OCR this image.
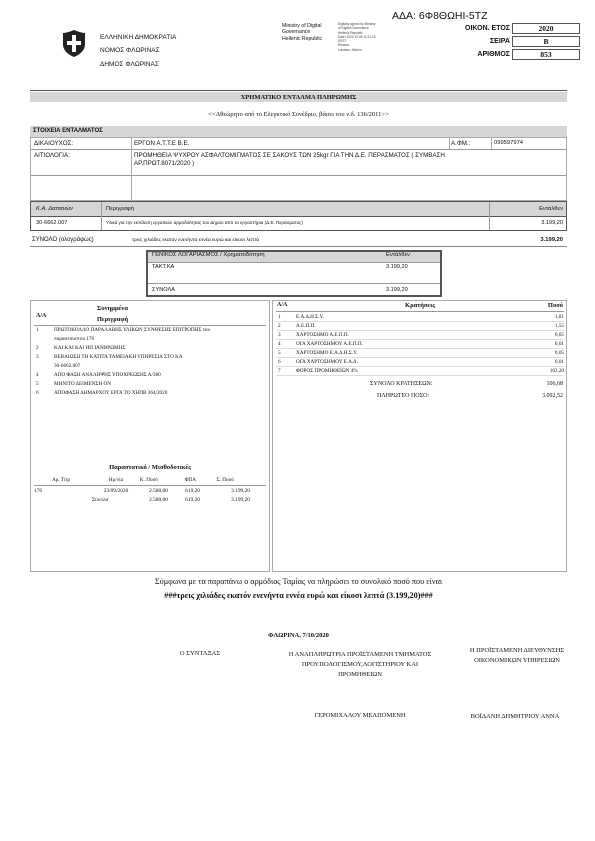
ΑΔΑ: 6Φ8ΘΩΗΙ-5ΤΖ
ΕΛΛΗΝΙΚΗ ΔΗΜΟΚΡΑΤΙΑ
ΝΟΜΟΣ ΦΛΩΡΙΝΑΣ
ΔΗΜΟΣ ΦΛΩΡΙΝΑΣ
Ministry of Digital
Governance
Hellenic Republic
Digitally signed by Ministry
of Digital Governance,
Hellenic Republic
Date: 2020.10.08 11:31:15
EEST
Reason:
Location: Athens
ΟΙΚΟΝ. ΕΤΟΣ	2020
ΣΕΙΡΑ	Β
ΑΡΙΘΜΟΣ	853
ΧΡΗΜΑΤΙΚΟ ΕΝΤΑΛΜΑ ΠΛΗΡΩΜΗΣ
<<Αθεώρητο από το Ελεγκτικό Συνέδριο, βάσει του ν.δ. 136/2011>>
ΣΤΟΙΧΕΙΑ ΕΝΤΑΛΜΑΤΟΣ
ΔΙΚΑΙΟΥΧΟΣ:	ΕΡΓΟΝ Α.Τ.Τ.Ε Β.Ε.	Α.ΦΜ.:	099597974
ΑΙΤΙΟΛΟΓΙΑ:	ΠΡΟΜΗΘΕΙΑ ΨΥΧΡΟΥ ΑΣΦΑΛΤΟΜΙΓΜΑΤΟΣ ΣΕ ΣΑΚΟΥΣ ΤΩΝ 25kgr ΓΙΑ ΤΗΝ Δ.Ε. ΠΕΡΑΣΜΑΤΟΣ ( ΣΥΜΒΑΣΗ ΑΡ.ΠΡΩΤ.8071/2020 )
Κ.Α. Δαπανών	Περιγραφή	Εντάλθεν
30-6662.007	Υλικά για την εκτέλεση εργασιών αρμοδιότητας του Δήμου από τα εργαστήρια (Δ.Ε. Περάσματος)	3.199,20
ΣΥΝΟΛΟ (ολογράφως)	τρεις χιλιάδες εκατόν ενενήντα εννέα ευρώ και είκοσι λεπτά	3.199,20
ΓΕΝΙΚΟΣ ΛΟΓΑΡΙΑΣΜΟΣ / Χρηματοδότηση	Εντάλθεν
ΤΑΚΤ.ΚΑ	3.199,20
ΣΥΝΟΛΑ	3.199,20
Συνημμένα
Α/Α	Περιγραφή
1	ΠΡΩΤΟΚΟΛΛΟ ΠΑΡΑΛΑΒΗΣ ΥΛΙΚΩΝ ΣΥΝΘΕΣΗΣ ΕΠΙΤΡΟΠΗΣ του
παρασεσυστου 176
2	ΚΑΙ ΚΑΙ ΚΑΙ ΗΠ ΙΑΝΘΡΩΜΗΣ
3	ΒΕΒΑΙΩΣΗ ΤΗ ΚΑΤΙΤΑ ΤΑΜΕΙΑΚΗ ΥΠΗΡΕΣΙΑ ΣΤΟ ΚΑ
30-6662.007
4	ΑΠΟ ΦΑΣΗ ΑΝΑΛΗΨΗΣ ΥΠΟΧΡΕΩΣΗΣ Α/380
5	ΜΗΝΙΤΟ ΔΕΙΜΕΝΣΗ ΟΝ
6	ΑΠΟΦΑΣΗ ΔΗΜΑΡΧΟΥ ΕΡΓΑ ΤΟ ΧΗΠΒ 364/2020
Παραστατικό / Μισθοδοτικές
Αρ. Τίτρ	Ημ/νία	Κ. Ποσό	ΦΠΑ	Σ. Ποσό
176	23/09/2020	2.580,00	619,20	3.199,20
Σύνολα	2.580,00	619,20	3.199,20
Α/Α	Κρατήσεις	Ποσό
1	Ε.Α.Δ.Η.Σ.Υ.	1,81
2	Α.Ε.Π.Π.	1,55
3	ΧΑΡΤΟΣΗΜΟ Α.Ε.Π.Π.	0,05
4	ΟΓΑ ΧΑΡΤΟΣΗΜΟΥ Α.Ε.Π.Π.	0,01
5	ΧΑΡΤΟΣΗΜΟ Ε.Α.Δ.Η.Σ.Υ.	0,05
6	ΟΓΑ ΧΑΡΤΟΣΗΜΟΥ Ε.Α.Δ.	0,01
7	ΦΟΡΟΣ ΠΡΟΜΗΘΕΙΩΝ 4%	103,20
ΣΥΝΟΛΟ ΚΡΑΤΗΣΕΩΝ:	106,68
ΠΛΗΡΩΤΕΟ ΠΟΣΟ:	3.092,52
Σύμφωνα με τα παραπάνω ο αρμόδιος Ταμίας να πληρώσει το συνολικό ποσό που είναι
###τρεις χιλιάδες εκατόν ενενήντα εννέα ευρώ και είκοσι λεπτά (3.199,20)###
ΦΛΩΡΙΝΑ, 7/10/2020
Ο ΣΥΝΤΑΞΑΣ	Η ΑΝΑΠΛΗΡΩΤΡΙΑ ΠΡΟΪΣΤΑΜΕΝΗ ΤΜΗΜΑΤΟΣ ΠΡΟΥΠΟΛΟΓΙΣΜΟΥ,ΛΟΓΙΣΤΗΡΙΟΥ ΚΑΙ ΠΡΟΜΗΘΕΙΩΝ
Η ΠΡΟΪΣΤΑΜΕΝΗ ΔΙΕΥΘΥΝΣΗΣ ΟΙΚΟΝΟΜΙΚΩΝ ΥΠΗΡΕΣΙΩΝ
ΓΕΡΟΜΙΧΑΛΟΥ ΜΕΛΠΟΜΕΝΗ	ΒΟΪΔΑΝΗ ΔΗΜΗΤΡΙΟΥ ΑΝΝΑ
